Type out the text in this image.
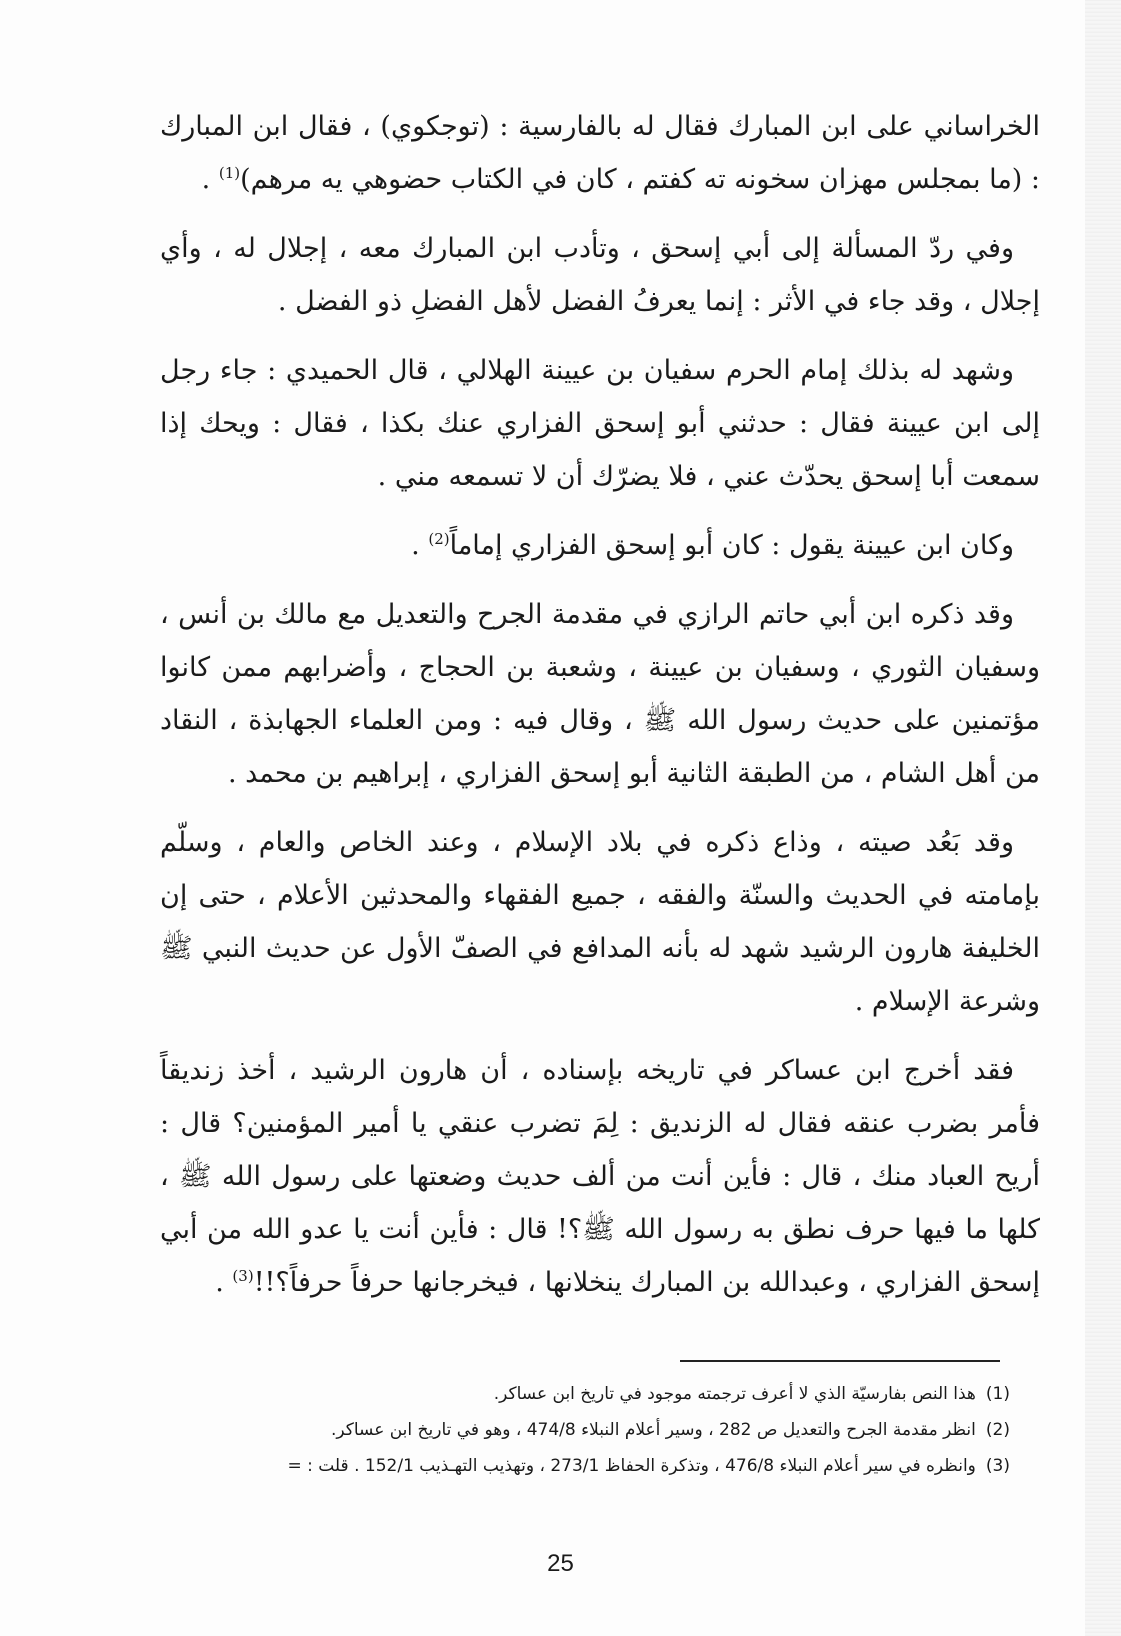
الخراساني على ابن المبارك فقال له بالفارسية : (توجكوي) ، فقال ابن المبارك : (ما بمجلس مهزان سخونه ته كفتم ، كان في الكتاب حضوهي يه مرهم)$^{(1)}$ .

وفي ردّ المسألة إلى أبي إسحق ، وتأدب ابن المبارك معه ، إجلال له ، وأي إجلال ، وقد جاء في الأثر : إنما يعرفُ الفضل لأهل الفضلِ ذو الفضل .

وشهد له بذلك إمام الحرم سفيان بن عيينة الهلالي ، قال الحميدي : جاء رجل إلى ابن عيينة فقال : حدثني أبو إسحق الفزاري عنك بكذا ، فقال : ويحك إذا سمعت أبا إسحق يحدّث عني ، فلا يضرّك أن لا تسمعه مني .

وكان ابن عيينة يقول : كان أبو إسحق الفزاري إماماً$^{(2)}$ .

وقد ذكره ابن أبي حاتم الرازي في مقدمة الجرح والتعديل مع مالك بن أنس ، وسفيان الثوري ، وسفيان بن عيينة ، وشعبة بن الحجاج ، وأضرابهم ممن كانوا مؤتمنين على حديث رسول الله ﷺ ، وقال فيه : ومن العلماء الجهابذة ، النقاد من أهل الشام ، من الطبقة الثانية أبو إسحق الفزاري ، إبراهيم بن محمد .

وقد بَعُد صيته ، وذاع ذكره في بلاد الإسلام ، وعند الخاص والعام ، وسلّم بإمامته في الحديث والسنّة والفقه ، جميع الفقهاء والمحدثين الأعلام ، حتى إن الخليفة هارون الرشيد شهد له بأنه المدافع في الصفّ الأول عن حديث النبي ﷺ وشرعة الإسلام .

فقد أخرج ابن عساكر في تاريخه بإسناده ، أن هارون الرشيد ، أخذ زنديقاً فأمر بضرب عنقه فقال له الزنديق : لِمَ تضرب عنقي يا أمير المؤمنين؟ قال : أريح العباد منك ، قال : فأين أنت من ألف حديث وضعتها على رسول الله ﷺ ، كلها ما فيها حرف نطق به رسول الله ﷺ؟! قال : فأين أنت يا عدو الله من أبي إسحق الفزاري ، وعبدالله بن المبارك ينخلانها ، فيخرجانها حرفاً حرفاً؟!!$^{(3)}$ .

(1)هذا النص بفارسيّة الذي لا أعرف ترجمته موجود في تاريخ ابن عساكر.
(2)انظر مقدمة الجرح والتعديل ص 282 ، وسير أعلام النبلاء 474/8 ، وهو في تاريخ ابن عساكر.
(3)وانظره في سير أعلام النبلاء 476/8 ، وتذكرة الحفاظ 273/1 ، وتهذيب التهـذيب 152/1 . قلت : =
25
